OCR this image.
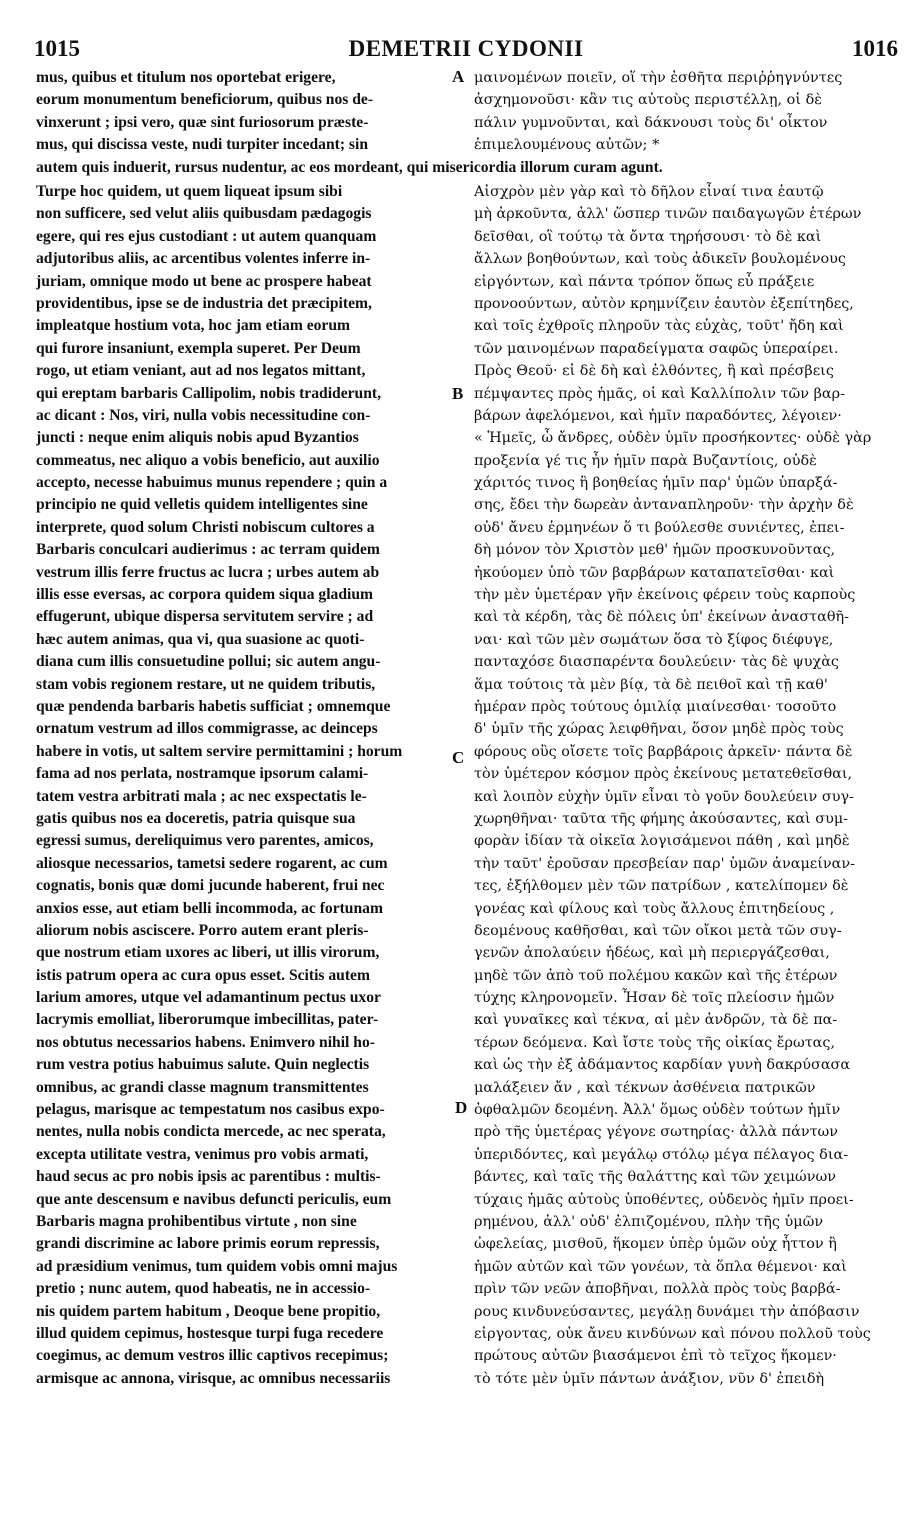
1015	DEMETRII CYDONII	1016
mus, quibus et titulum nos oportebat erigere,
eorum monumentum beneficiorum, quibus nos de-
vinxerunt ; ipsi vero, quæ sint furiosorum præste-
mus, qui discissa veste, nudi turpiter incedant; sin
A μαινομένων ποιεῖν, οἵ τὴν ἐσθῆτα περιῤῥηγνύντες
ἀσχημονοῦσι· κἂν τις αὐτοὺς περιστέλλῃ, οἱ δὲ
πάλιν γυμνοῦνται, καὶ δάκνουσι τοὺς δι' οἶκτον
ἐπιμελουμένους αὐτῶν; *
autem quis induerit, rursus nudentur, ac eos mordeant, qui misericordia illorum curam agunt.
Turpe hoc quidem, ut quem liqueat ipsum sibi
non sufficere, sed velut aliis quibusdam pædagogis
egere, qui res ejus custodiant : ut autem quanquam
adjutoribus aliis, ac arcentibus volentes inferre in-
juriam, omnique modo ut bene ac prospere habeat
providentibus, ipse se de industria det præcipitem,
impleatque hostium vota, hoc jam etiam eorum
qui furore insaniunt, exempla superet. Per Deum
rogo, ut etiam veniant, aut ad nos legatos mittant,
qui ereptam barbaris Callipolim, nobis tradiderunt,
ac dicant : Nos, viri, nulla vobis necessitudine con-
juncti : neque enim aliquis nobis apud Byzantios
commeatus, nec aliquo a vobis beneficio, aut auxilio
accepto, necesse habuimus munus rependere ; quin a
principio ne quid velletis quidem intelligentes sine
interprete, quod solum Christi nobiscum cultores a
Barbaris conculcari audierimus : ac terram quidem
vestrum illis ferre fructus ac lucra ; urbes autem ab
illis esse eversas, ac corpora quidem siqua gladium
effugerunt, ubique dispersa servitutem servire ; ad
hæc autem animas, qua vi, qua suasione ac quoti-
diana cum illis consuetudine pollui; sic autem angu-
stam vobis regionem restare, ut ne quidem tributis,
quæ pendenda barbaris habetis sufficiat ; omnemque
ornatum vestrum ad illos commigrasse, ac deinceps
habere in votis, ut saltem servire permittamini ; horum
fama ad nos perlata, nostramque ipsorum calami-
tatem vestra arbitrati mala ; ac nec exspectatis le-
gatis quibus nos ea doceretis, patria quisque sua
egressi sumus, dereliquimus vero parentes, amicos,
aliosque necessarios, tametsi sedere rogarent, ac cum
cognatis, bonis quæ domi jucunde haberent, frui nec
anxios esse, aut etiam belli incommoda, ac fortunam
aliorum nobis asciscere. Porro autem erant pleris-
que nostrum etiam uxores ac liberi, ut illis virorum,
istis patrum opera ac cura opus esset. Scitis autem
larium amores, utque vel adamantinum pectus uxor
lacrymis emolliat, liberorumque imbecillitas, pater-
nos obtutus necessarios habens. Enimvero nihil ho-
rum vestra potius habuimus salute. Quin neglectis
omnibus, ac grandi classe magnum transmittentes
pelagus, marisque ac tempestatum nos casibus expo-
nentes, nulla nobis condicta mercede, ac nec sperata,
excepta utilitate vestra, venimus pro vobis armati,
haud secus ac pro nobis ipsis ac parentibus : multis-
que ante descensum e navibus defuncti periculis, eum
Barbaris magna prohibentibus virtute , non sine
grandi discrimine ac labore primis eorum repressis,
ad præsidium venimus, tum quidem vobis omni majus
pretio ; nunc autem, quod habeatis, ne in accessio-
nis quidem partem habitum , Deoque bene propitio,
illud quidem cepimus, hostesque turpi fuga recedere
coegimus, ac demum vestros illic captivos recepimus;
armisque ac annona, virisque, ac omnibus necessariis
B
C
D
Αἰσχρὸν μὲν γὰρ καὶ τὸ δῆλον εἶναί τινα ἑαυτῷ
μὴ ἀρκοῦντα, ἀλλ' ὥσπερ τινῶν παιδαγωγῶν ἑτέρων
δεῖσθαι, οἳ τούτῳ τὰ ὄντα τηρήσουσι· τὸ δὲ καὶ
ἄλλων βοηθούντων, καὶ τοὺς ἀδικεῖν βουλομένους
εἰργόντων, καὶ πάντα τρόπον ὅπως εὖ πράξειε
προνοούντων, αὐτὸν κρημνίζειν ἑαυτὸν ἐξεπίτηδες,
καὶ τοῖς ἐχθροῖς πληροῦν τὰς εὐχὰς, τοῦτ' ἤδη καὶ
τῶν μαινομένων παραδείγματα σαφῶς ὑπεραίρει.
Πρὸς Θεοῦ· εἰ δὲ δὴ καὶ ἐλθόντες, ἢ καὶ πρέσβεις
πέμψαντες πρὸς ἡμᾶς, οἱ καὶ Καλλίπολιν τῶν βαρ-
βάρων ἀφελόμενοι, καὶ ἡμῖν παραδόντες, λέγοιεν·
« Ἡμεῖς, ὦ ἄνδρες, οὐδὲν ὑμῖν προσήκοντες· οὐδὲ γὰρ
προξενία γέ τις ἦν ἡμῖν παρὰ Βυζαντίοις, οὐδὲ
χάριτός τινος ἢ βοηθείας ἡμῖν παρ' ὑμῶν ὑπαρξά-
σης, ἔδει τὴν δωρεὰν ἀνταναπληροῦν· τὴν ἀρχὴν δὲ
οὐδ' ἄνευ ἑρμηνέων ὅ τι βούλεσθε συνιέντες, ἐπει-
δὴ μόνον τὸν Χριστὸν μεθ' ἡμῶν προσκυνοῦντας,
ἠκούομεν ὑπὸ τῶν βαρβάρων καταπατεῖσθαι· καὶ
τὴν μὲν ὑμετέραν γῆν ἐκείνοις φέρειν τοὺς καρποὺς
καὶ τὰ κέρδη, τὰς δὲ πόλεις ὑπ' ἐκείνων ἀνασταθῆ-
ναι· καὶ τῶν μὲν σωμάτων ὅσα τὸ ξίφος διέφυγε,
πανταχόσε διασπαρέντα δουλεύειν· τὰς δὲ ψυχὰς
ἅμα τούτοις τὰ μὲν βίᾳ, τὰ δὲ πειθοῖ καὶ τῇ καθ'
ἡμέραν πρὸς τούτους ὁμιλίᾳ μιαίνεσθαι· τοσοῦτο
δ' ὑμῖν τῆς χώρας λειφθῆναι, ὅσον μηδὲ πρὸς τοὺς
φόρους οὓς οἴσετε τοῖς βαρβάροις ἀρκεῖν· πάντα δὲ
τὸν ὑμέτερον κόσμον πρὸς ἐκείνους μετατεθεῖσθαι,
καὶ λοιπὸν εὐχὴν ὑμῖν εἶναι τὸ γοῦν δουλεύειν συγ-
χωρηθῆναι· ταῦτα τῆς φήμης ἀκούσαντες, καὶ συμ-
φορὰν ἰδίαν τὰ οἰκεῖα λογισάμενοι πάθη , καὶ μηδὲ
τὴν ταῦτ' ἐροῦσαν πρεσβείαν παρ' ὑμῶν ἀναμείναν-
τες, ἐξήλθομεν μὲν τῶν πατρίδων , κατελίπομεν δὲ
γονέας καὶ φίλους καὶ τοὺς ἄλλους ἐπιτηδείους ,
δεομένους καθῆσθαι, καὶ τῶν οἴκοι μετὰ τῶν συγ-
γενῶν ἀπολαύειν ἡδέως, καὶ μὴ περιεργάζεσθαι,
μηδὲ τῶν ἀπὸ τοῦ πολέμου κακῶν καὶ τῆς ἑτέρων
τύχης κληρονομεῖν. Ἦσαν δὲ τοῖς πλείοσιν ἡμῶν
καὶ γυναῖκες καὶ τέκνα, αἱ μὲν ἀνδρῶν, τὰ δὲ πα-
τέρων δεόμενα. Καὶ ἴστε τοὺς τῆς οἰκίας ἔρωτας,
καὶ ὡς τὴν ἐξ ἀδάμαντος καρδίαν γυνὴ δακρύσασα
μαλάξειεν ἄν , καὶ τέκνων ἀσθένεια πατρικῶν
ὀφθαλμῶν δεομένη. Ἀλλ' ὅμως οὐδὲν τούτων ἡμῖν
πρὸ τῆς ὑμετέρας γέγονε σωτηρίας· ἀλλὰ πάντων
ὑπεριδόντες, καὶ μεγάλῳ στόλῳ μέγα πέλαγος δια-
βάντες, καὶ ταῖς τῆς θαλάττης καὶ τῶν χειμώνων
τύχαις ἡμᾶς αὐτοὺς ὑποθέντες, οὐδενὸς ἡμῖν προει-
ρημένου, ἀλλ' οὐδ' ἐλπιζομένου, πλὴν τῆς ὑμῶν
ὠφελείας, μισθοῦ, ἥκομεν ὑπὲρ ὑμῶν οὐχ ἧττον ἢ
ἡμῶν αὐτῶν καὶ τῶν γονέων, τὰ ὅπλα θέμενοι· καὶ
πρὶν τῶν νεῶν ἀποβῆναι, πολλὰ πρὸς τοὺς βαρβά-
ρους κινδυνεύσαντες, μεγάλῃ δυνάμει τὴν ἀπόβασιν
εἰργοντας, οὐκ ἄνευ κινδύνων καὶ πόνου πολλοῦ τοὺς
πρώτους αὐτῶν βιασάμενοι ἐπὶ τὸ τεῖχος ἥκομεν·
τὸ τότε μὲν ὑμῖν πάντων ἀνάξιον, νῦν δ' ἐπειδὴ
